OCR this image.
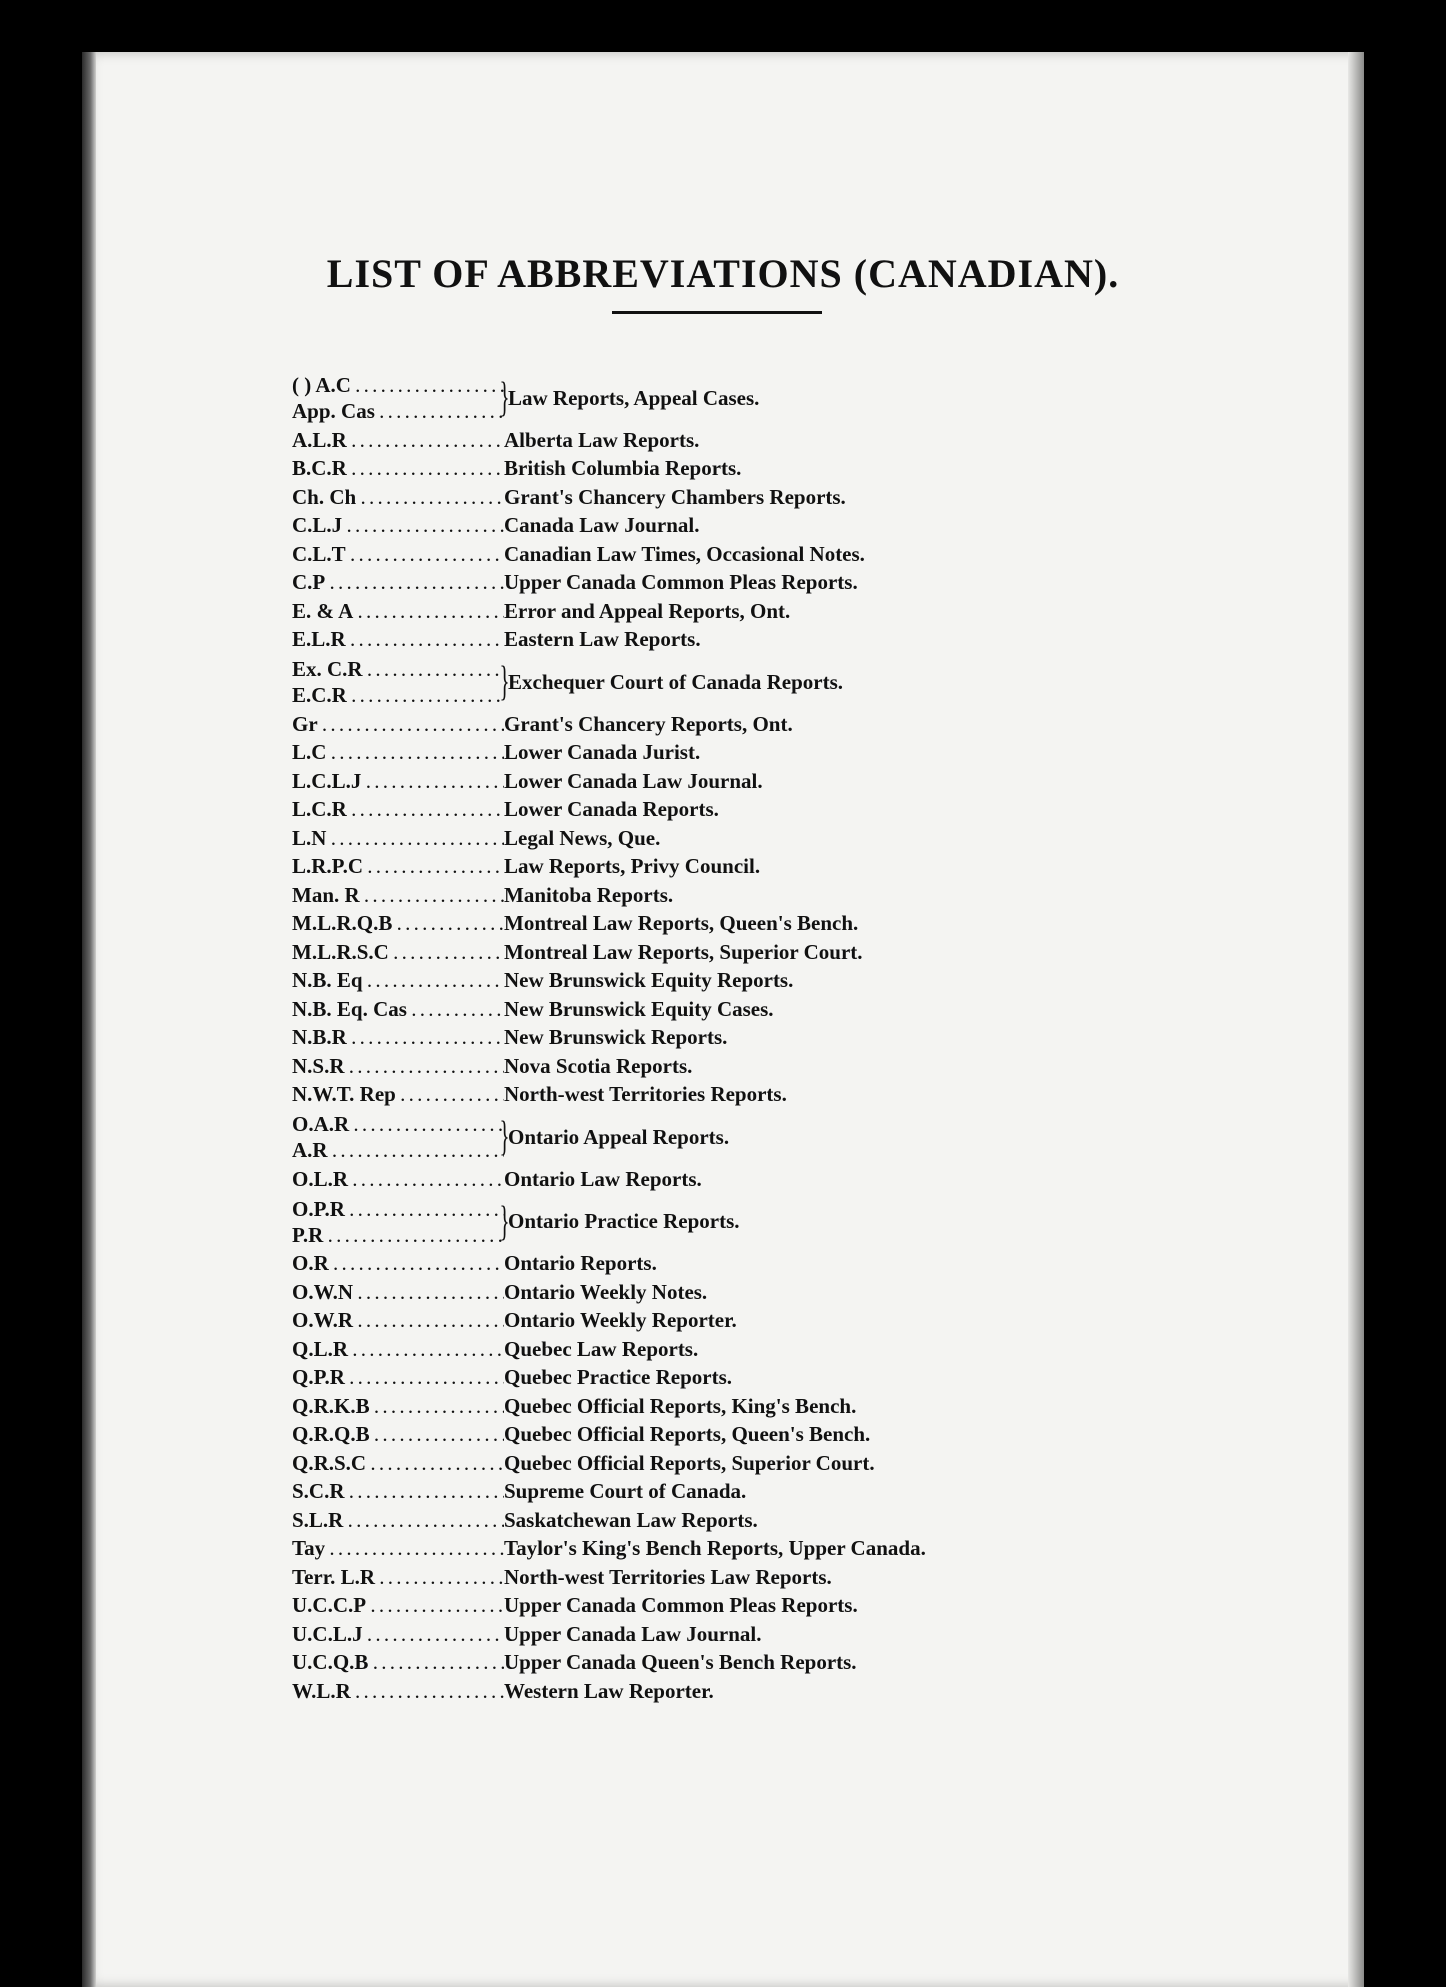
LIST OF ABBREVIATIONS (CANADIAN).
( ) A.C . . .
App. Cas . . .	}
Law Reports, Appeal Cases.
A.L.R . . .	Alberta Law Reports.
B.C.R . . .	British Columbia Reports.
Ch. Ch . . .	Grant's Chancery Chambers Reports.
C.L.J . . .	Canada Law Journal.
C.L.T . . .	Canadian Law Times, Occasional Notes.
C.P . . .	Upper Canada Common Pleas Reports.
E. & A . . .	Error and Appeal Reports, Ont.
E.L.R . . .	Eastern Law Reports.
Ex. C.R . . .
E.C.R . . .	}
Exchequer Court of Canada Reports.
Gr . . .	Grant's Chancery Reports, Ont.
L.C . . .	Lower Canada Jurist.
L.C.L.J . . .	Lower Canada Law Journal.
L.C.R . . .	Lower Canada Reports.
L.N . . .	Legal News, Que.
L.R.P.C . . .	Law Reports, Privy Council.
Man. R . . .	Manitoba Reports.
M.L.R.Q.B . . .	Montreal Law Reports, Queen's Bench.
M.L.R.S.C . . .	Montreal Law Reports, Superior Court.
N.B. Eq . . .	New Brunswick Equity Reports.
N.B. Eq. Cas . . .	New Brunswick Equity Cases.
N.B.R . . .	New Brunswick Reports.
N.S.R . . .	Nova Scotia Reports.
N.W.T. Rep . . .	North-west Territories Reports.
O.A.R . . .
A.R . . .	}
Ontario Appeal Reports.
O.L.R . . .	Ontario Law Reports.
O.P.R . . .
P.R . . .	}
Ontario Practice Reports.
O.R . . .	Ontario Reports.
O.W.N . . .	Ontario Weekly Notes.
O.W.R . . .	Ontario Weekly Reporter.
Q.L.R . . .	Quebec Law Reports.
Q.P.R . . .	Quebec Practice Reports.
Q.R.K.B . . .	Quebec Official Reports, King's Bench.
Q.R.Q.B . . .	Quebec Official Reports, Queen's Bench.
Q.R.S.C . . .	Quebec Official Reports, Superior Court.
S.C.R . . .	Supreme Court of Canada.
S.L.R . . .	Saskatchewan Law Reports.
Tay . . .	Taylor's King's Bench Reports, Upper Canada.
Terr. L.R . . .	North-west Territories Law Reports.
U.C.C.P . . .	Upper Canada Common Pleas Reports.
U.C.L.J . . .	Upper Canada Law Journal.
U.C.Q.B . . .	Upper Canada Queen's Bench Reports.
W.L.R . . .	Western Law Reporter.
